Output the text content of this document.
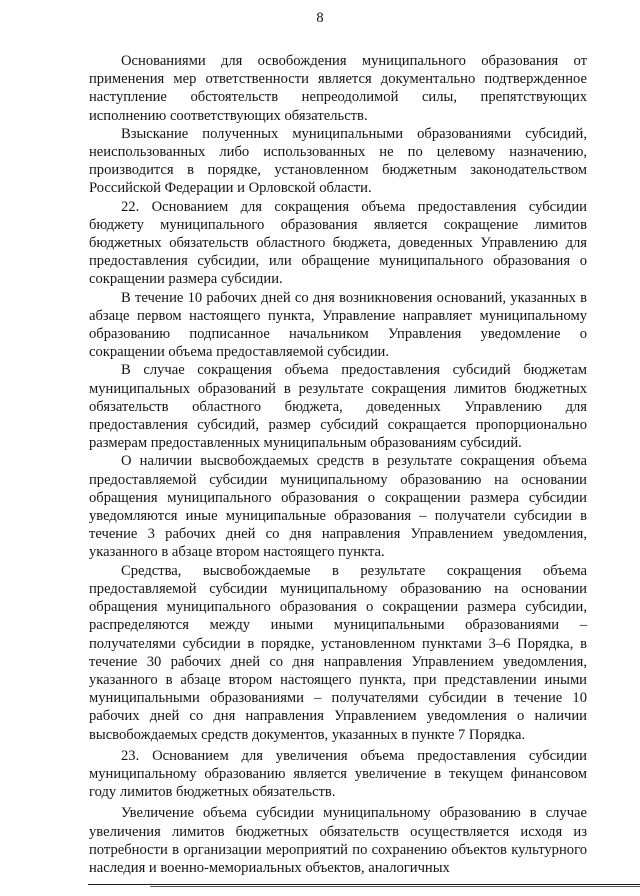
8

Основаниями для освобождения муниципального образования от применения мер ответственности является документально подтвержденное наступление обстоятельств непреодолимой силы, препятствующих исполнению соответствующих обязательств.

Взыскание полученных муниципальными образованиями субсидий, неиспользованных либо использованных не по целевому назначению, производится в порядке, установленном бюджетным законодательством Российской Федерации и Орловской области.

22. Основанием для сокращения объема предоставления субсидии бюджету муниципального образования является сокращение лимитов бюджетных обязательств областного бюджета, доведенных Управлению для предоставления субсидии, или обращение муниципального образования о сокращении размера субсидии.

В течение 10 рабочих дней со дня возникновения оснований, указанных в абзаце первом настоящего пункта, Управление направляет муниципальному образованию подписанное начальником Управления уведомление о сокращении объема предоставляемой субсидии.

В случае сокращения объема предоставления субсидий бюджетам муниципальных образований в результате сокращения лимитов бюджетных обязательств областного бюджета, доведенных Управлению для предоставления субсидий, размер субсидий сокращается пропорционально размерам предоставленных муниципальным образованиям субсидий.

О наличии высвобождаемых средств в результате сокращения объема предоставляемой субсидии муниципальному образованию на основании обращения муниципального образования о сокращении размера субсидии уведомляются иные муниципальные образования – получатели субсидии в течение 3 рабочих дней со дня направления Управлением уведомления, указанного в абзаце втором настоящего пункта.

Средства, высвобождаемые в результате сокращения объема предоставляемой субсидии муниципальному образованию на основании обращения муниципального образования о сокращении размера субсидии, распределяются между иными муниципальными образованиями – получателями субсидии в порядке, установленном пунктами 3–6 Порядка, в течение 30 рабочих дней со дня направления Управлением уведомления, указанного в абзаце втором настоящего пункта, при представлении иными муниципальными образованиями – получателями субсидии в течение 10 рабочих дней со дня направления Управлением уведомления о наличии высвобождаемых средств документов, указанных в пункте 7 Порядка.

23. Основанием для увеличения объема предоставления субсидии муниципальному образованию является увеличение в текущем финансовом году лимитов бюджетных обязательств.

Увеличение объема субсидии муниципальному образованию в случае увеличения лимитов бюджетных обязательств осуществляется исходя из потребности в организации мероприятий по сохранению объектов культурного наследия и военно-мемориальных объектов, аналогичных
